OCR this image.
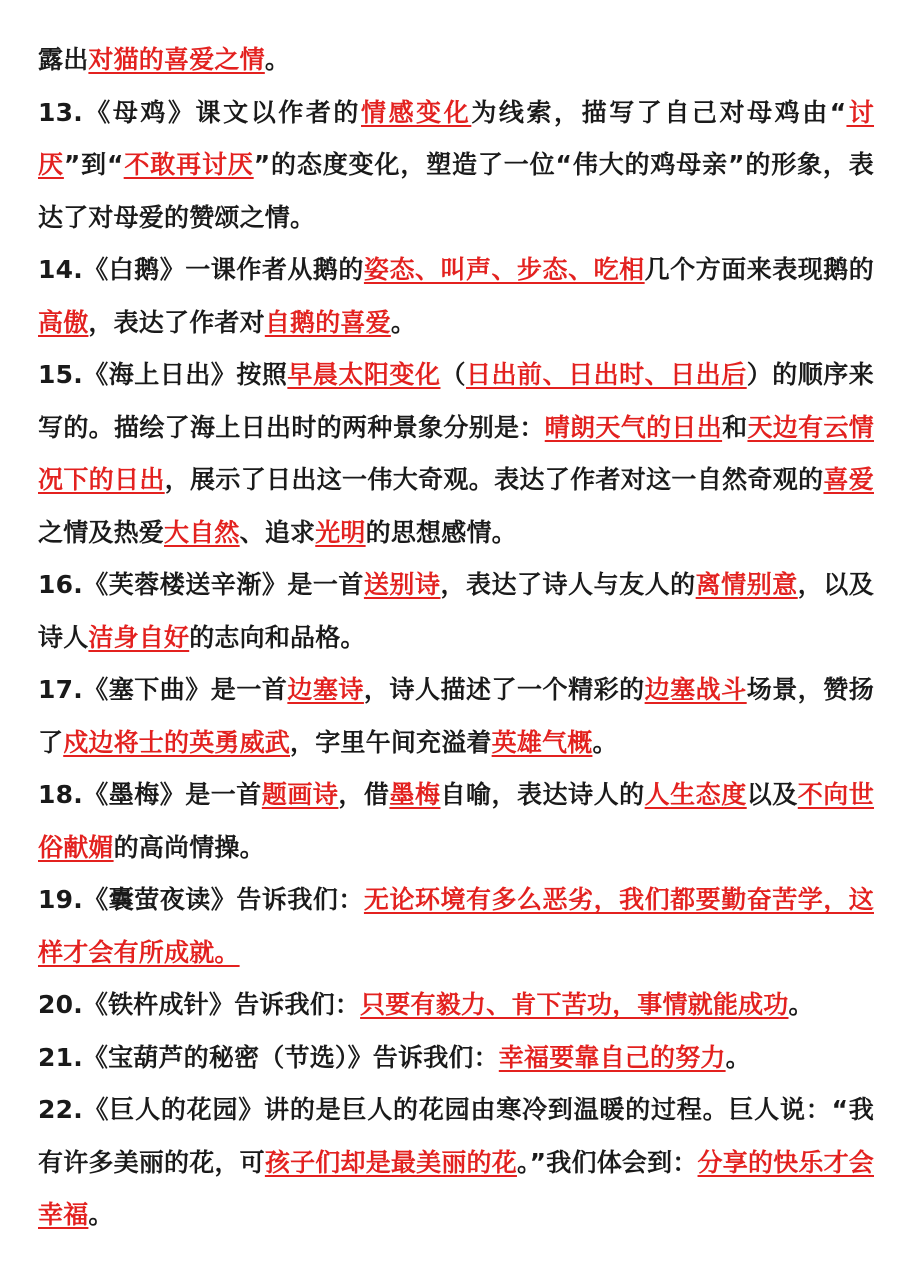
露出对猫的喜爱之情。

13.《母鸡》课文以作者的情感变化为线索，描写了自己对母鸡由“讨厌”到“不敢再讨厌”的态度变化，塑造了一位“伟大的鸡母亲”的形象，表达了对母爱的赞颂之情。

14.《白鹅》一课作者从鹅的姿态、叫声、步态、吃相几个方面来表现鹅的高傲，表达了作者对自鹅的喜爱。

15.《海上日出》按照早晨太阳变化（日出前、日出时、日出后）的顺序来写的。描绘了海上日出时的两种景象分别是：晴朗天气的日出和天边有云情况下的日出，展示了日出这一伟大奇观。表达了作者对这一自然奇观的喜爱之情及热爱大自然、追求光明的思想感情。

16.《芙蓉楼送辛渐》是一首送别诗，表达了诗人与友人的离情别意，以及诗人洁身自好的志向和品格。

17.《塞下曲》是一首边塞诗，诗人描述了一个精彩的边塞战斗场景，赞扬了戍边将士的英勇威武，字里午间充溢着英雄气概。

18.《墨梅》是一首题画诗，借墨梅自喻，表达诗人的人生态度以及不向世俗献媚的高尚情操。

19.《囊萤夜读》告诉我们：无论环境有多么恶劣，我们都要勤奋苦学，这样才会有所成就。

20.《铁杵成针》告诉我们：只要有毅力、肯下苦功，事情就能成功。

21.《宝葫芦的秘密（节选）》告诉我们：幸福要靠自己的努力。

22.《巨人的花园》讲的是巨人的花园由寒冷到温暖的过程。巨人说：“我有许多美丽的花，可孩子们却是最美丽的花。”我们体会到：分享的快乐才会幸福。
